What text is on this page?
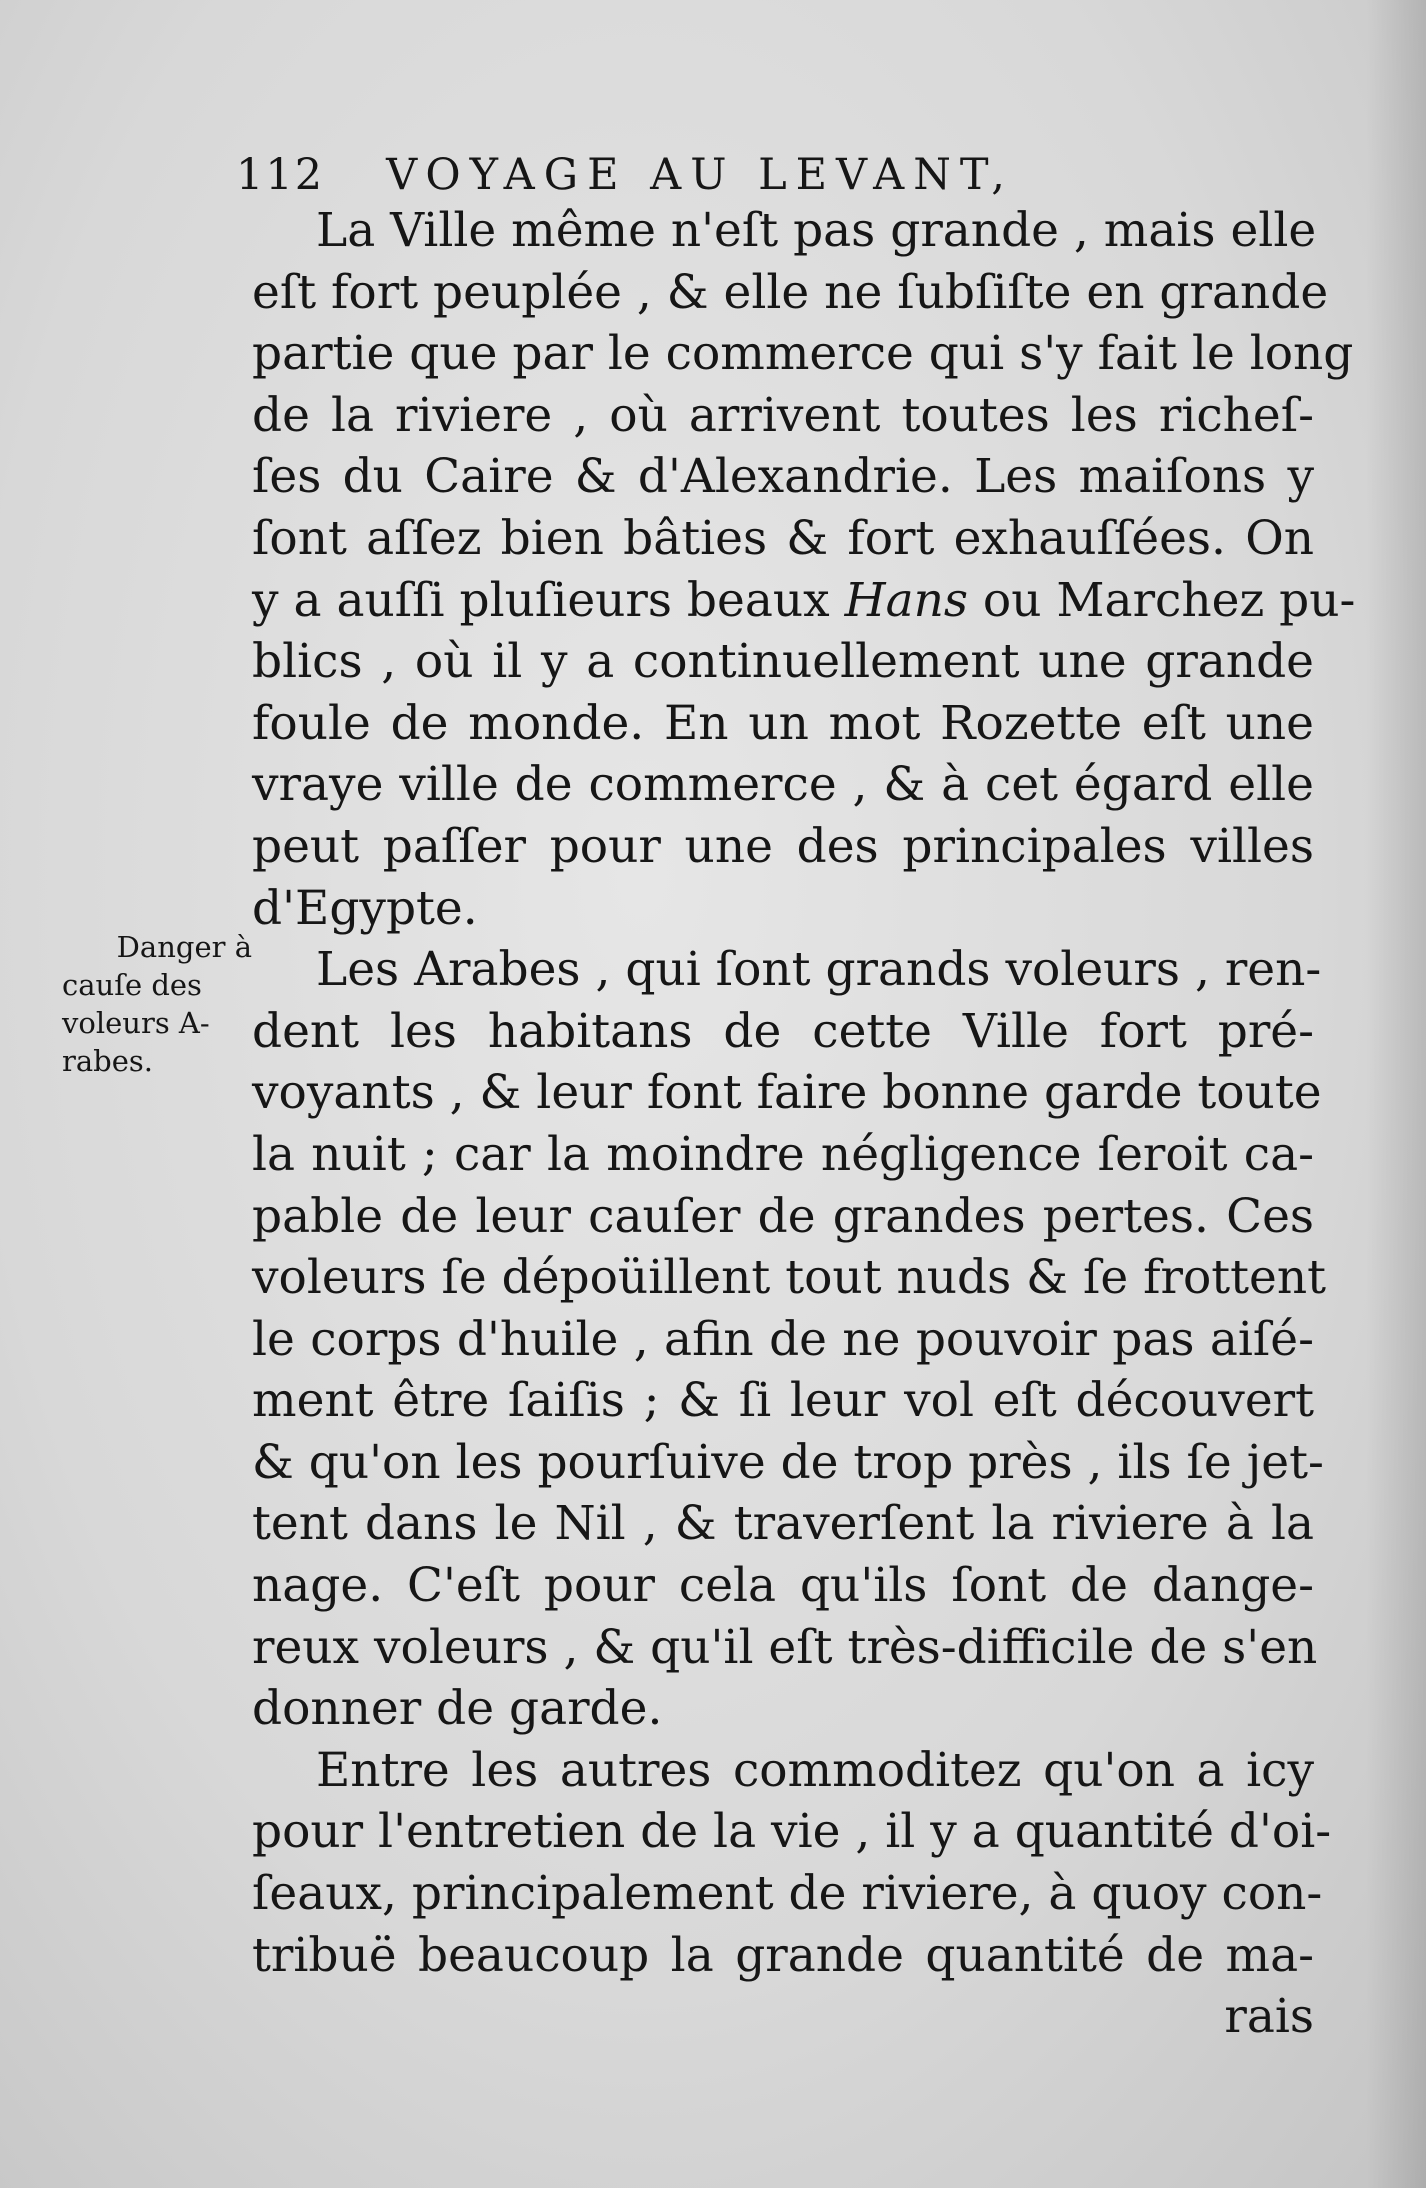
112 VOYAGE AU LEVANT,
La Ville même n'eſt pas grande , mais elle
eſt fort peuplée , & elle ne ſubſiſte en grande
partie que par le commerce qui s'y fait le long
de la riviere , où arrivent toutes les richeſ-
ſes du Caire & d'Alexandrie. Les maiſons y
ſont aſſez bien bâties & fort exhauſſées. On
y a auſſi pluſieurs beaux Hans ou Marchez pu-
blics , où il y a continuellement une grande
foule de monde. En un mot Rozette eſt une
vraye ville de commerce , & à cet égard elle
peut paſſer pour une des principales villes
d'Egypte.
Les Arabes , qui ſont grands voleurs , ren-
dent les habitans de cette Ville fort pré-
voyants , & leur font faire bonne garde toute
la nuit ; car la moindre négligence ſeroit ca-
pable de leur cauſer de grandes pertes. Ces
voleurs ſe dépoüillent tout nuds & ſe frottent
le corps d'huile , afin de ne pouvoir pas aiſé-
ment être ſaiſis ; & ſi leur vol eſt découvert
& qu'on les pourſuive de trop près , ils ſe jet-
tent dans le Nil , & traverſent la riviere à la
nage. C'eſt pour cela qu'ils ſont de dange-
reux voleurs , & qu'il eſt très-difficile de s'en
donner de garde.
Entre les autres commoditez qu'on a icy
pour l'entretien de la vie , il y a quantité d'oi-
ſeaux, principalement de riviere, à quoy con-
tribuë beaucoup la grande quantité de ma-
rais
Danger à
cauſe des
voleurs A-
rabes.
